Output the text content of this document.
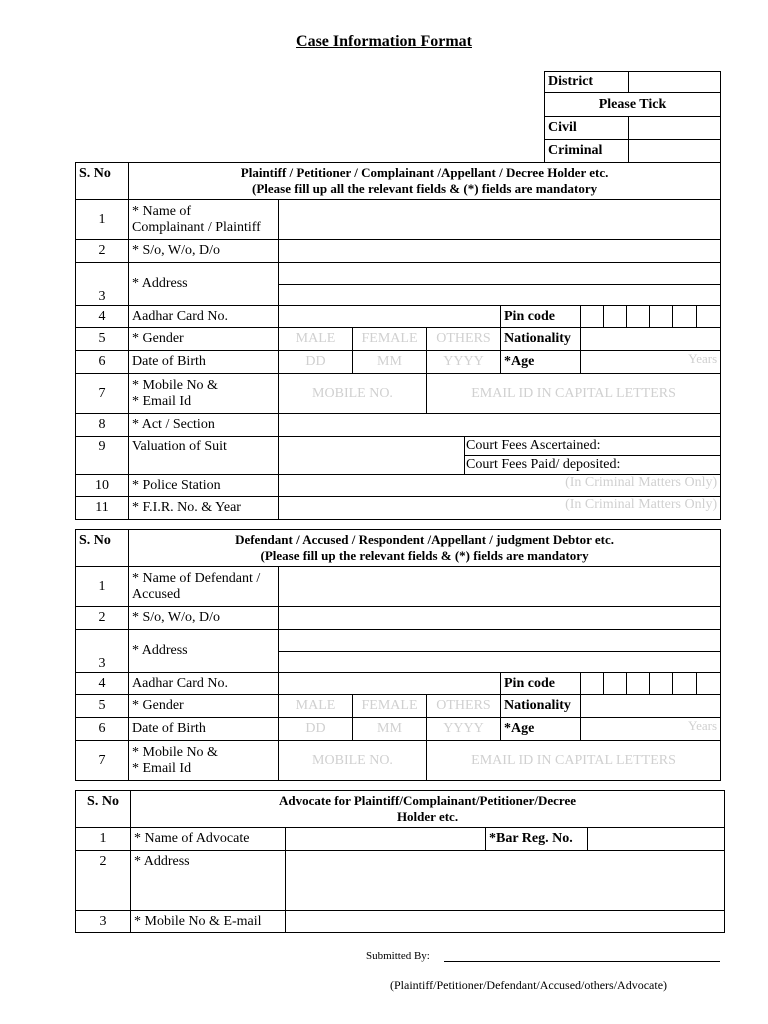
Case Information Format
District	
Please Tick	
Civil	
Criminal	
S. No	Plaintiff / Petitioner / Complainant /Appellant / Decree Holder etc.
(Please fill up all the relevant fields & (*) fields are mandatory											

1	* Name of
Complainant / Plaintiff											

2	* S/o, W/o, D/o											
3	* Address											

4	Aadhar Card No.					Pin code						
5	* Gender	MALE	FEMALE	OTHERS		Nationality						
6	Date of Birth	DD	MM	YYYY		*Age	Years					
7	* Mobile No &
* Email Id	MOBILE NO.		EMAIL ID IN CAPITAL LETTERS								
8	* Act / Section											
9	Valuation of Suit				Court Fees Ascertained:							
					Court Fees Paid/ deposited:							
10	* Police Station	(In Criminal Matters Only)										
11	* F.I.R. No. & Year	(In Criminal Matters Only)										
S. No	Defendant / Accused / Respondent /Appellant / judgment Debtor etc.
(Please fill up the relevant fields & (*) fields are mandatory										

1	* Name of Defendant /
Accused										

2	* S/o, W/o, D/o										
3	* Address										

4	Aadhar Card No.				Pin code						
5	* Gender	MALE	FEMALE	OTHERS	Nationality						
6	Date of Birth	DD	MM	YYYY	*Age	Years					
7	* Mobile No &
* Email Id	MOBILE NO.		EMAIL ID IN CAPITAL LETTERS							
S. No	Advocate for Plaintiff/Complainant/Petitioner/Decree
Holder etc.			

1	* Name of Advocate		*Bar Reg. No.	
2	* Address			
3	* Mobile No & E-mail			
Submitted By:
(Plaintiff/Petitioner/Defendant/Accused/others/Advocate)
